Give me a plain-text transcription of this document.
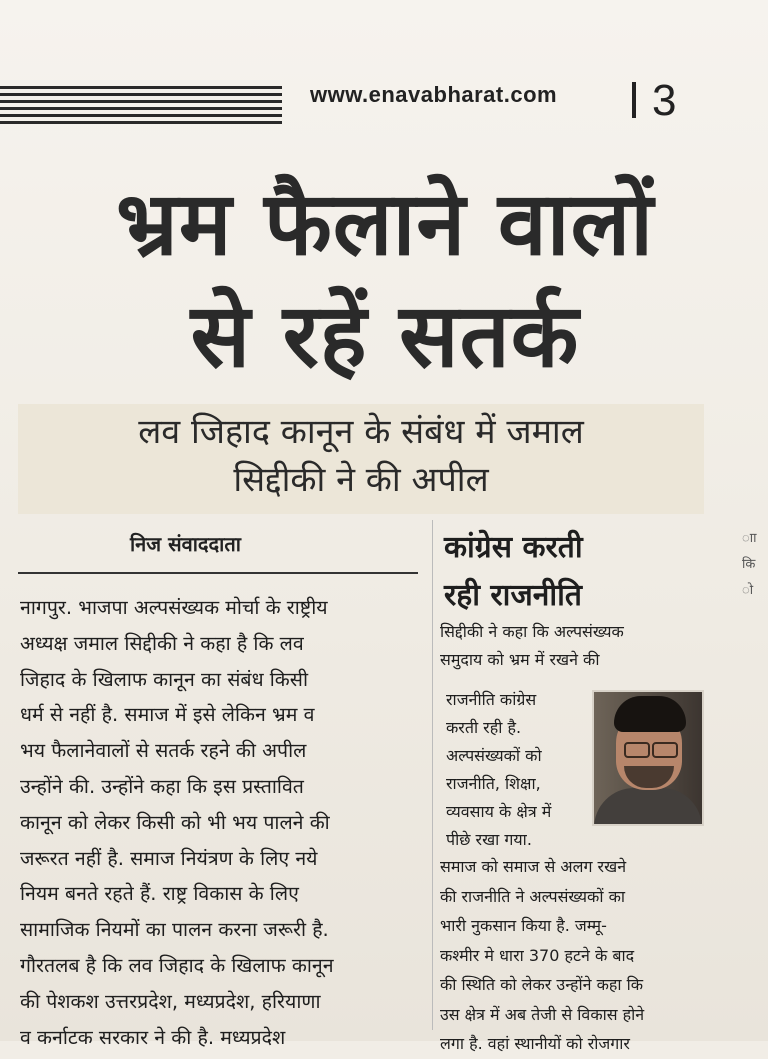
www.enavabharat.com 3
भ्रम फैलाने वालों
से रहें सतर्क
लव जिहाद कानून के संबंध में जमाल
सिद्दीकी ने की अपील
निज संवाददाता

नागपुर. भाजपा अल्पसंख्यक मोर्चा के राष्ट्रीय

अध्यक्ष जमाल सिद्दीकी ने कहा है कि लव

जिहाद के खिलाफ कानून का संबंध किसी

धर्म से नहीं है. समाज में इसे लेकिन भ्रम व

भय फैलानेवालों से सतर्क रहने की अपील

उन्होंने की. उन्होंने कहा कि इस प्रस्तावित

कानून को लेकर किसी को भी भय पालने की

जरूरत नहीं है. समाज नियंत्रण के लिए नये

नियम बनते रहते हैं. राष्ट्र विकास के लिए

सामाजिक नियमों का पालन करना जरूरी है.

गौरतलब है कि लव जिहाद के खिलाफ कानून

की पेशकश उत्तरप्रदेश, मध्यप्रदेश, हरियाणा

व कर्नाटक सरकार ने की है. मध्यप्रदेश

कांग्रेस करती
रही राजनीति

सिद्दीकी ने कहा कि अल्पसंख्यक

समुदाय को भ्रम में रखने की

राजनीति कांग्रेस

करती रही है.

अल्पसंख्यकों को

राजनीति, शिक्षा,

व्यवसाय के क्षेत्र में

पीछे रखा गया.

समाज को समाज से अलग रखने

की राजनीति ने अल्पसंख्यकों का

भारी नुकसान किया है. जम्मू-

कश्मीर मे धारा 370 हटने के बाद

की स्थिति को लेकर उन्होंने कहा कि

उस क्षेत्र में अब तेजी से विकास होने

लगा है. वहां स्थानीयों को रोजगार

ाा
कि
ाे
